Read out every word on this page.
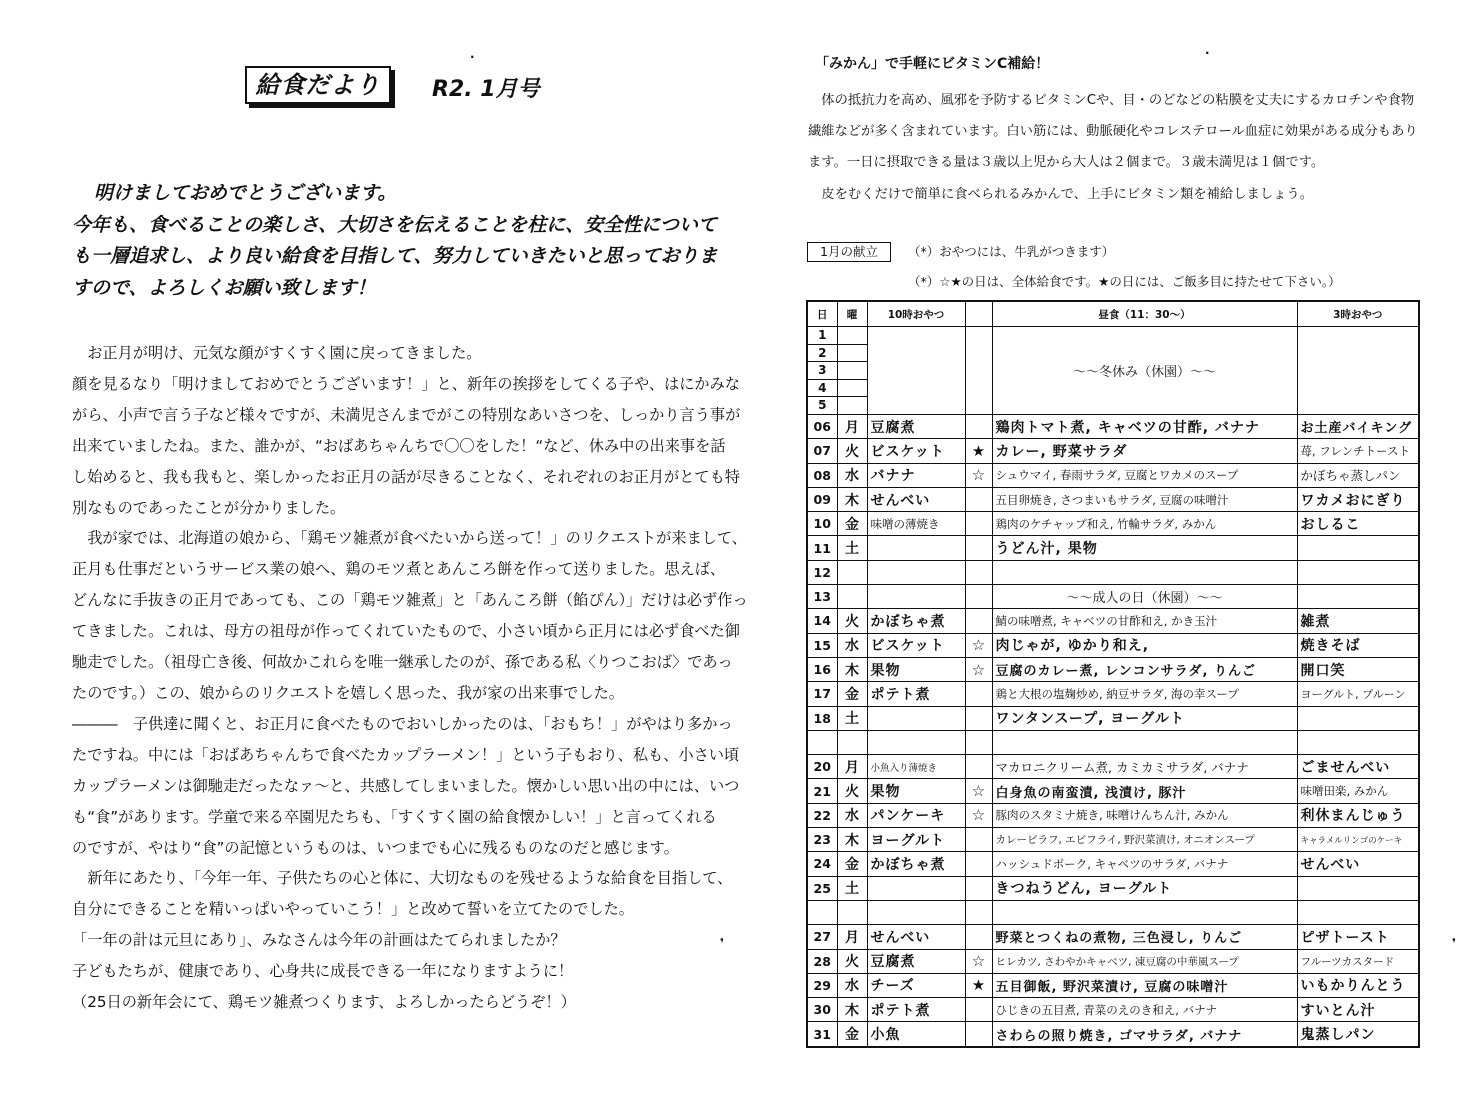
給食だより	R2. 1月号
明けましておめでとうございます。
今年も、食べることの楽しさ、大切さを伝えることを柱に、安全性について
も一層追求し、より良い給食を目指して、努力していきたいと思っておりま
すので、よろしくお願い致します！
　お正月が明け、元気な顔がすくすく園に戻ってきました。
顔を見るなり「明けましておめでとうございます！」と、新年の挨拶をしてくる子や、はにかみな
がら、小声で言う子など様々ですが、未満児さんまでがこの特別なあいさつを、しっかり言う事が
出来ていましたね。また、誰かが、“おばあちゃんちで〇〇をした！“など、休み中の出来事を話
し始めると、我も我もと、楽しかったお正月の話が尽きることなく、それぞれのお正月がとても特
別なものであったことが分かりました。
　我が家では、北海道の娘から、「鶏モツ雑煮が食べたいから送って！」のリクエストが来まして、
正月も仕事だというサービス業の娘へ、鶏のモツ煮とあんころ餅を作って送りました。思えば、
どんなに手抜きの正月であっても、この「鶏モツ雑煮」と「あんころ餅（餡ぴん）」だけは必ず作っ
てきました。これは、母方の祖母が作ってくれていたもので、小さい頃から正月には必ず食べた御
馳走でした。（祖母亡き後、何故かこれらを唯一継承したのが、孫である私〈りつこおば〉であっ
たのです。）この、娘からのリクエストを嬉しく思った、我が家の出来事でした。
―――　子供達に聞くと、お正月に食べたものでおいしかったのは、「おもち！」がやはり多かっ
たですね。中には「おばあちゃんちで食べたカップラーメン！」という子もおり、私も、小さい頃
カップラーメンは御馳走だったなァ～と、共感してしまいました。懐かしい思い出の中には、いつ
も“食”があります。学童で来る卒園児たちも、「すくすく園の給食懐かしい！」と言ってくれる
のですが、やはり“食”の記憶というものは、いつまでも心に残るものなのだと感じます。
　新年にあたり、「今年一年、子供たちの心と体に、大切なものを残せるような給食を目指して、
自分にできることを精いっぱいやっていこう！」と改めて誓いを立てたのでした。
「一年の計は元旦にあり」、みなさんは今年の計画はたてられましたか？
子どもたちが、健康であり、心身共に成長できる一年になりますように！
（25日の新年会にて、鶏モツ雑煮つくります、よろしかったらどうぞ！）
「みかん」で手軽にビタミンC補給！
　体の抵抗力を高め、風邪を予防するビタミンCや、目・のどなどの粘膜を丈夫にするカロチンや食物
繊維などが多く含まれています。白い筋には、動脈硬化やコレステロール血症に効果がある成分もあり
ます。一日に摂取できる量は３歳以上児から大人は２個まで。３歳未満児は１個です。
　皮をむくだけで簡単に食べられるみかんで、上手にビタミン類を補給しましょう。
1月の献立	（*）おやつには、牛乳がつきます）
（*）☆★の日は、全体給食です。★の日には、ご飯多目に持たせて下さい。）
日	曜	10時おやつ		昼食（11：30〜）	3時おやつ

1
2
3
4
5				～～冬休み（休園）～～	
06	月	豆腐煮		鶏肉トマト煮, キャベツの甘酢, バナナ	お土産バイキング
07	火	ビスケット	★	カレー, 野菜サラダ	苺, フレンチトースト
08	水	バナナ	☆	シュウマイ, 春雨サラダ, 豆腐とワカメのスープ	かぼちゃ蒸しパン
09	木	せんべい		五目卵焼き, さつまいもサラダ, 豆腐の味噌汁	ワカメおにぎり
10	金	味噌の薄焼き		鶏肉のケチャップ和え, 竹輪サラダ, みかん	おしるこ
11	土			うどん汁, 果物	
12					
13				～～成人の日（休園）～～	
14	火	かぼちゃ煮		鯖の味噌煮, キャベツの甘酢和え, かき玉汁	雑煮
15	水	ビスケット	☆	肉じゃが, ゆかり和え,	焼きそば
16	木	果物	☆	豆腐のカレー煮, レンコンサラダ, りんご	開口笑
17	金	ポテト煮		鶏と大根の塩麹炒め, 納豆サラダ, 海の幸スープ	ヨーグルト, プルーン
18	土			ワンタンスープ, ヨーグルト	

20	月	小魚入り薄焼き		マカロニクリーム煮, カミカミサラダ, バナナ	ごませんべい
21	火	果物	☆	白身魚の南蛮漬, 浅漬け, 豚汁	味噌田楽, みかん
22	水	パンケーキ	☆	豚肉のスタミナ焼き, 味噌けんちん汁, みかん	利休まんじゅう
23	木	ヨーグルト		カレーピラフ, エビフライ, 野沢菜漬け, オニオンスープ	キャラメルリンゴのケーキ
24	金	かぼちゃ煮		ハッシュドポーク, キャベツのサラダ, バナナ	せんべい
25	土			きつねうどん, ヨーグルト	

27	月	せんべい		野菜とつくねの煮物, 三色浸し, りんご	ピザトースト
28	火	豆腐煮	☆	ヒレカツ, さわやかキャベツ, 凍豆腐の中華風スープ	フルーツカスタード
29	水	チーズ	★	五目御飯, 野沢菜漬け, 豆腐の味噌汁	いもかりんとう
30	木	ポテト煮		ひじきの五目煮, 青菜のえのき和え, バナナ	すいとん汁
31	金	小魚		さわらの照り焼き, ゴマサラダ, バナナ	鬼蒸しパン
·	·
❜	❜
